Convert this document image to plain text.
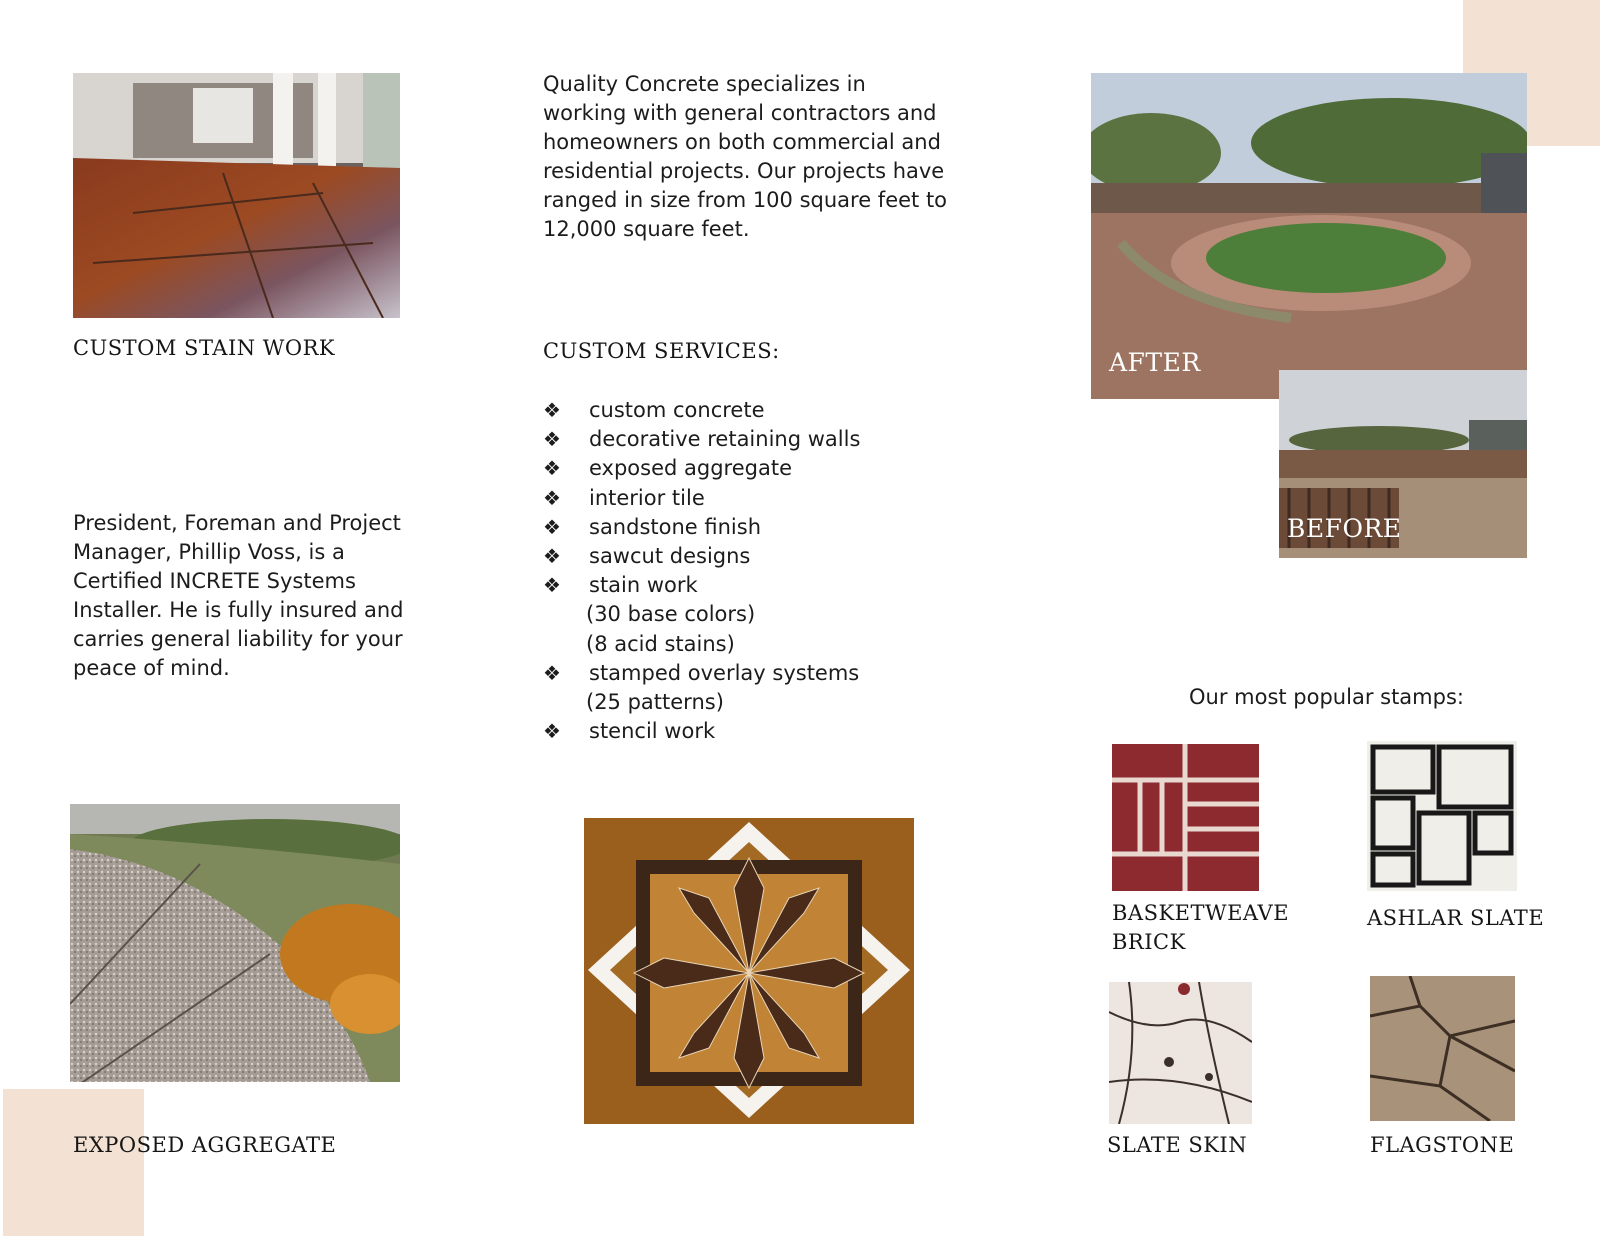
CUSTOM STAIN WORK
President, Foreman and Project Manager, Phillip Voss, is a Certified INCRETE Systems Installer. He is fully insured and carries general liability for your peace of mind.
EXPOSED AGGREGATE
Quality Concrete specializes in working with general contractors and homeowners on both commercial and residential projects. Our projects have ranged in size from 100 square feet to 12,000 square feet.
CUSTOM SERVICES:
❖ custom concrete
❖ decorative retaining walls
❖ exposed aggregate
❖ interior tile
❖ sandstone finish
❖ sawcut designs
❖ stain work
(30 base colors)
(8 acid stains)
❖ stamped overlay systems
(25 patterns)
❖ stencil work
AFTER
BEFORE
Our most popular stamps:
BASKETWEAVE
BRICK
ASHLAR SLATE
SLATE SKIN	FLAGSTONE
